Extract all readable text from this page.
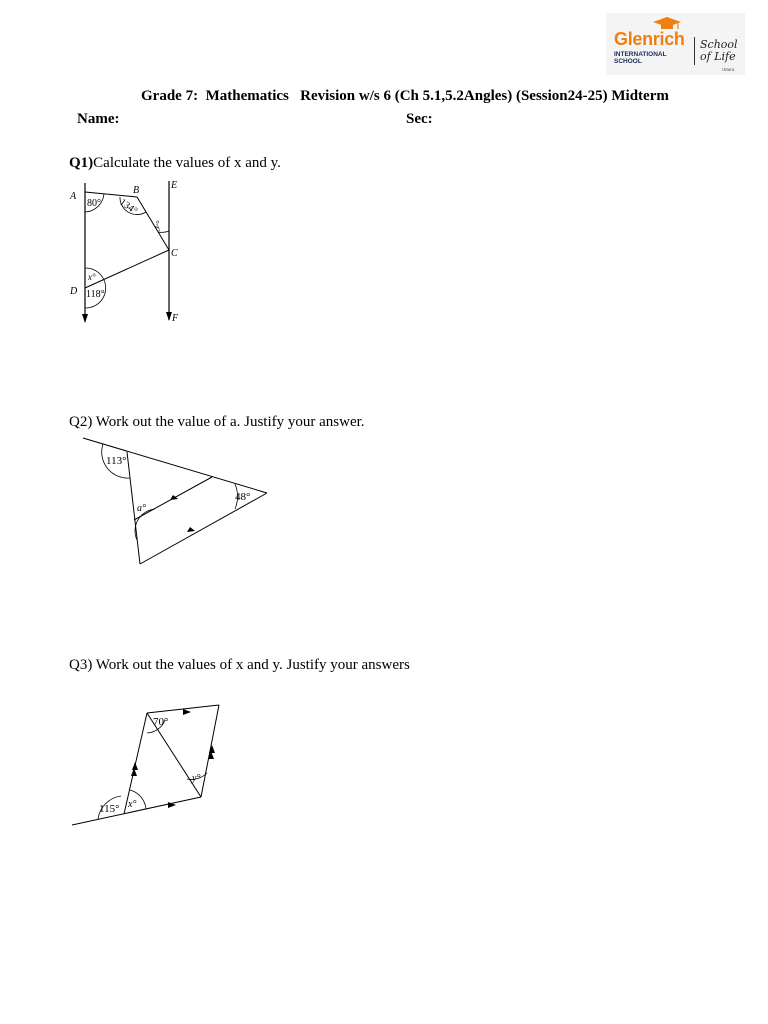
Glenrich
INTERNATIONAL
SCHOOL
School
of Life
Uttara
Grade 7:  Mathematics   Revision w/s 6 (Ch 5.1,5.2Angles) (Session24-25) Midterm
Name:	Sec:
Q1)Calculate the values of x and y.
A
B	E
C
D
F
80° 134°
y°
x°
118°
Q2) Work out the value of a. Justify your answer.
113°
48°
a°
Q3) Work out the values of x and y. Justify your answers
70°
y°
115° x°
